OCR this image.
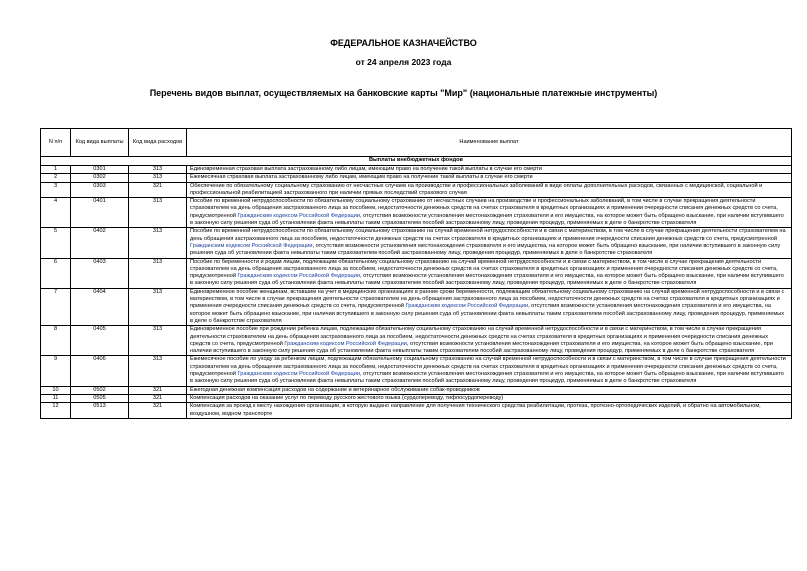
ФЕДЕРАЛЬНОЕ КАЗНАЧЕЙСТВО
от 24 апреля 2023 года
Перечень видов выплат, осуществляемых на банковские карты "Мир" (национальные платежные инструменты)
N п/п	Код вида выплаты	Код вида расходов	Наименование выплат
Выплаты внебюджетных фондов			
1	0301	313	Единовременная страховая выплата застрахованному либо лицам, имеющим право на получение такой выплаты в случае его смерти
2	0302	313	Ежемесячная страховая выплата застрахованному либо лицам, имеющим право на получение такой выплаты в случае его смерти
3	0303	321	Обеспечение по обязательному социальному страхованию от несчастных случаев на производстве и профессиональных заболеваний в виде оплаты дополнительных расходов, связанных с медицинской, социальной и профессиональной реабилитацией застрахованного при наличии прямых последствий страхового случая
4	0401	313	Пособие по временной нетрудоспособности по обязательному социальному страхованию от несчастных случаев на производстве и профессиональных заболеваний, в том числе в случае прекращения деятельности страхователем на день обращения застрахованного лица за пособием, недостаточности денежных средств на счетах страхователя в кредитных организациях и применении очередности списания денежных средств со счета, предусмотренной Гражданским кодексом Российской Федерации, отсутствия возможности установления местонахождения страхователя и его имущества, на которое может быть обращено взыскание, при наличии вступившего в законную силу решения суда об установлении факта невыплаты таким страхователем пособий застрахованному лицу, проведения процедур, применяемых в деле о банкротстве страхователя
5	0402	313	Пособие по временной нетрудоспособности по обязательному социальному страхованию на случай временной нетрудоспособности и в связи с материнством, в том числе в случае прекращения деятельности страхователем на день обращения застрахованного лица за пособием, недостаточности денежных средств на счетах страхователя в кредитных организациях и применения очередности списания денежных средств со счета, предусмотренной Гражданским кодексом Российской Федерации, отсутствия возможности установления местонахождения страхователя и его имущества, на которое может быть обращено взыскание, при наличии вступившего в законную силу решения суда об установлении факта невыплаты таким страхователем пособий застрахованному лицу, проведения процедур, применяемых в деле о банкротстве страхователя
6	0403	313	Пособие по беременности и родам лицам, подлежащим обязательному социальному страхованию на случай временной нетрудоспособности и в связи с материнством, в том числе в случае прекращения деятельности страхователем на день обращения застрахованного лица за пособием, недостаточности денежных средств на счетах страхователя в кредитных организациях и применения очередности списания денежных средств со счета, предусмотренной Гражданским кодексом Российской Федерации, отсутствия возможности установления местонахождения страхователя и его имущества, на которое может быть обращено взыскание, при наличии вступившего в законную силу решения суда об установлении факта невыплаты таким страхователем пособий застрахованному лицу, проведения процедур, применяемых в деле о банкротстве страхователя
7	0404	313	Единовременное пособие женщинам, вставшим на учет в медицинских организациях в ранние сроки беременности, подлежащим обязательному социальному страхованию на случай временной нетрудоспособности и в связи с материнством, в том числе в случае прекращения деятельности страхователем на день обращения застрахованного лица за пособием, недостаточности денежных средств на счетах страхователя в кредитных организациях и применения очередности списания денежных средств со счета, предусмотренной Гражданским кодексом Российской Федерации, отсутствия возможности установления местонахождения страхователя и его имущества, на которое может быть обращено взыскание, при наличии вступившего в законную силу решения суда об установлении факта невыплаты таким страхователем пособий застрахованному лицу, проведения процедур, применяемых в деле о банкротстве страхователя
8	0405	313	Единовременное пособие при рождении ребенка лицам, подлежащим обязательному социальному страхованию на случай временной нетрудоспособности и в связи с материнством, в том числе в случае прекращения деятельности страхователем на день обращения застрахованного лица за пособием, недостаточности денежных средств на счетах страхователя в кредитных организациях и применения очередности списания денежных средств со счета, предусмотренной Гражданским кодексом Российской Федерации, отсутствия возможности установления местонахождения страхователя и его имущества, на которое может быть обращено взыскание, при наличии вступившего в законную силу решения суда об установлении факта невыплаты таким страхователем пособий застрахованному лицу, проведения процедур, применяемых в деле о банкротстве страхователя
9	0406	313	Ежемесячное пособие по уходу за ребенком лицам, подлежащим обязательному социальному страхованию на случай временной нетрудоспособности и в связи с материнством, в том числе в случае прекращения деятельности страхователем на день обращения застрахованного лица за пособием, недостаточности денежных средств на счетах страхователя в кредитных организациях и применения очередности списания денежных средств со счета, предусмотренной Гражданским кодексом Российской Федерации, отсутствия возможности установления местонахождения страхователя и его имущества, на которое может быть обращено взыскание, при наличии вступившего в законную силу решения суда об установлении факта невыплаты таким страхователем пособий застрахованному лицу, проведения процедур, применяемых в деле о банкротстве страхователя
10	0502	321	Ежегодная денежная компенсация расходов на содержание и ветеринарное обслуживание собак-проводников
11	0505	321	Компенсация расходов на оказание услуг по переводу русского жестового языка (сурдопереводу, тифлосурдопереводу)
12	0513	321	Компенсация за проезд к месту нахождения организации, в которую выдано направление для получения технического средства реабилитации, протеза, протезно-ортопедических изделий, и обратно на автомобильном, воздушном, водном транспорте
